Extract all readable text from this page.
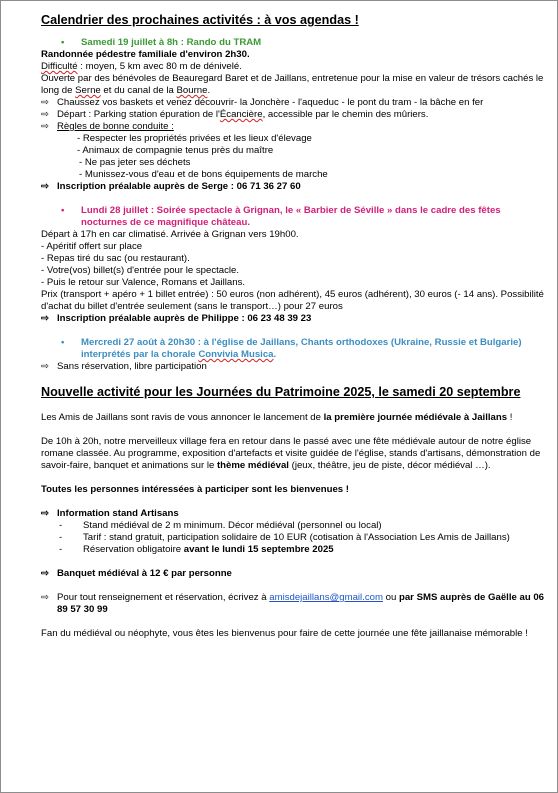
Calendrier des prochaines activités : à vos agendas !
•	Samedi 19 juillet à 8h : Rando du TRAM
Randonnée pédestre familiale d'environ 2h30.
Difficulté : moyen, 5 km avec 80 m de dénivelé.
Ouverte par des bénévoles de Beauregard Baret et de Jaillans, entretenue pour la mise en valeur de trésors cachés le long de Serne et du canal de la Bourne.
⇨ Chaussez vos baskets et venez découvrir- la Jonchère - l'aqueduc - le pont du tram - la bâche en fer
⇨ Départ : Parking station épuration de l'Écancière, accessible par le chemin des mûriers.
⇨ Règles de bonne conduite :
- Respecter les propriétés privées et les lieux d'élevage
- Animaux de compagnie tenus près du maître
- Ne pas jeter ses déchets
- Munissez-vous d'eau et de bons équipements de marche
⇨ Inscription préalable auprès de Serge : 06 71 36 27 60
•	Lundi 28 juillet : Soirée spectacle à Grignan, le « Barbier de Séville » dans le cadre des fêtes nocturnes de ce magnifique château.
Départ à 17h en car climatisé. Arrivée à Grignan vers 19h00.
- Apéritif offert sur place
- Repas tiré du sac (ou restaurant).
- Votre(vos) billet(s) d'entrée pour le spectacle.
- Puis le retour sur Valence, Romans et Jaillans.
Prix (transport + apéro + 1 billet entrée) : 50 euros (non adhérent), 45 euros (adhérent), 30 euros (- 14 ans). Possibilité d'achat du billet d'entrée seulement (sans le transport…) pour 27 euros
⇨ Inscription préalable auprès de Philippe : 06 23 48 39 23
•	Mercredi 27 août à 20h30 : à l'église de Jaillans, Chants orthodoxes (Ukraine, Russie et Bulgarie) interprétés par la chorale Convivia Musica.
⇨ Sans réservation, libre participation
Nouvelle activité pour les Journées du Patrimoine 2025, le samedi 20 septembre
Les Amis de Jaillans sont ravis de vous annoncer le lancement de la première journée médiévale à Jaillans !
De 10h à 20h, notre merveilleux village fera en retour dans le passé avec une fête médiévale autour de notre église romane classée. Au programme, exposition d'artefacts et visite guidée de l'église, stands d'artisans, démonstration de savoir-faire, banquet et animations sur le thème médiéval (jeux, théâtre, jeu de piste, décor médiéval …).
Toutes les personnes intéressées à participer sont les bienvenues !
⇨ Information stand Artisans
-	Stand médiéval de 2 m minimum. Décor médiéval (personnel ou local)
-	Tarif : stand gratuit, participation solidaire de 10 EUR (cotisation à l'Association Les Amis de Jaillans)
-	Réservation obligatoire avant le lundi 15 septembre 2025
⇨ Banquet médiéval à 12 € par personne
⇨ Pour tout renseignement et réservation, écrivez à amisdejaillans@gmail.com ou par SMS auprès de Gaëlle au 06 89 57 30 99
Fan du médiéval ou néophyte, vous êtes les bienvenus pour faire de cette journée une fête jaillanaise mémorable !
